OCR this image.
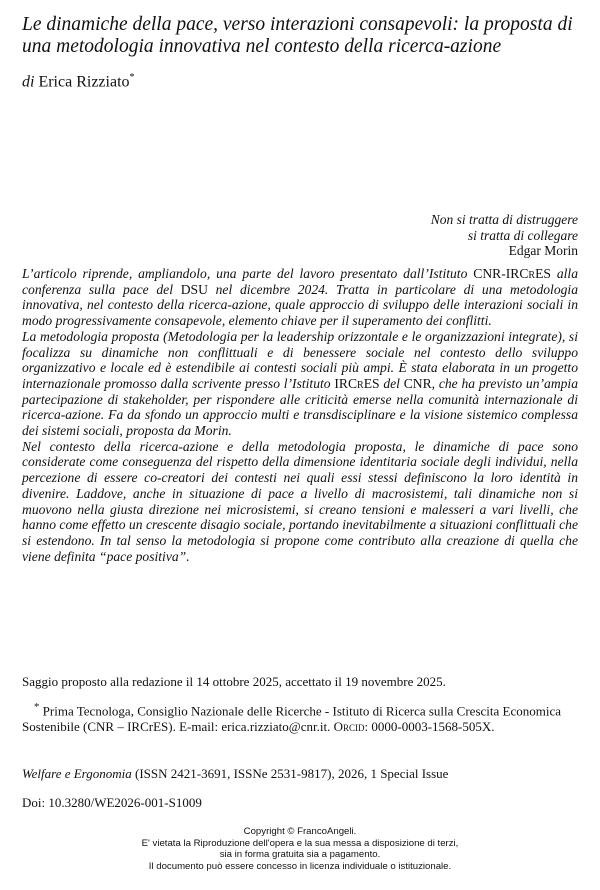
Le dinamiche della pace, verso interazioni consapevoli: la proposta di una metodologia innovativa nel contesto della ricerca-azione
di Erica Rizziato*
Non si tratta di distruggere
si tratta di collegare
Edgar Morin

L’articolo riprende, ampliandolo, una parte del lavoro presentato dall’Istituto CNR-IRCrES alla conferenza sulla pace del DSU nel dicembre 2024. Tratta in particolare di una metodologia innovativa, nel contesto della ricerca-azione, quale approccio di sviluppo delle interazioni sociali in modo progressivamente consapevole, elemento chiave per il superamento dei conflitti.

La metodologia proposta (Metodologia per la leadership orizzontale e le organizzazioni integrate), si focalizza su dinamiche non conflittuali e di benessere sociale nel contesto dello sviluppo organizzativo e locale ed è estendibile ai contesti sociali più ampi. È stata elaborata in un progetto internazionale promosso dalla scrivente presso l’Istituto IRCrES del CNR, che ha previsto un’ampia partecipazione di stakeholder, per rispondere alle criticità emerse nella comunità internazionale di ricerca-azione. Fa da sfondo un approccio multi e transdisciplinare e la visione sistemico complessa dei sistemi sociali, proposta da Morin.

Nel contesto della ricerca-azione e della metodologia proposta, le dinamiche di pace sono considerate come conseguenza del rispetto della dimensione identitaria sociale degli individui, nella percezione di essere co-creatori dei contesti nei quali essi stessi definiscono la loro identità in divenire. Laddove, anche in situazione di pace a livello di macrosistemi, tali dinamiche non si muovono nella giusta direzione nei microsistemi, si creano tensioni e malesseri a vari livelli, che hanno come effetto un crescente disagio sociale, portando inevitabilmente a situazioni conflittuali che si estendono. In tal senso la metodologia si propone come contributo alla creazione di quella che viene definita “pace positiva”.

Saggio proposto alla redazione il 14 ottobre 2025, accettato il 19 novembre 2025.
* Prima Tecnologa, Consiglio Nazionale delle Ricerche - Istituto di Ricerca sulla Crescita Economica Sostenibile (CNR – IRCrES). E-mail: erica.rizziato@cnr.it. Orcid: 0000-0003-1568-505X.
Welfare e Ergonomia (ISSN 2421-3691, ISSNe 2531-9817), 2026, 1 Special Issue
Doi: 10.3280/WE2026-001-S1009
Copyright © FrancoAngeli.
E' vietata la Riproduzione dell'opera e la sua messa a disposizione di terzi,
sia in forma gratuita sia a pagamento.
Il documento può essere concesso in licenza individuale o istituzionale.
